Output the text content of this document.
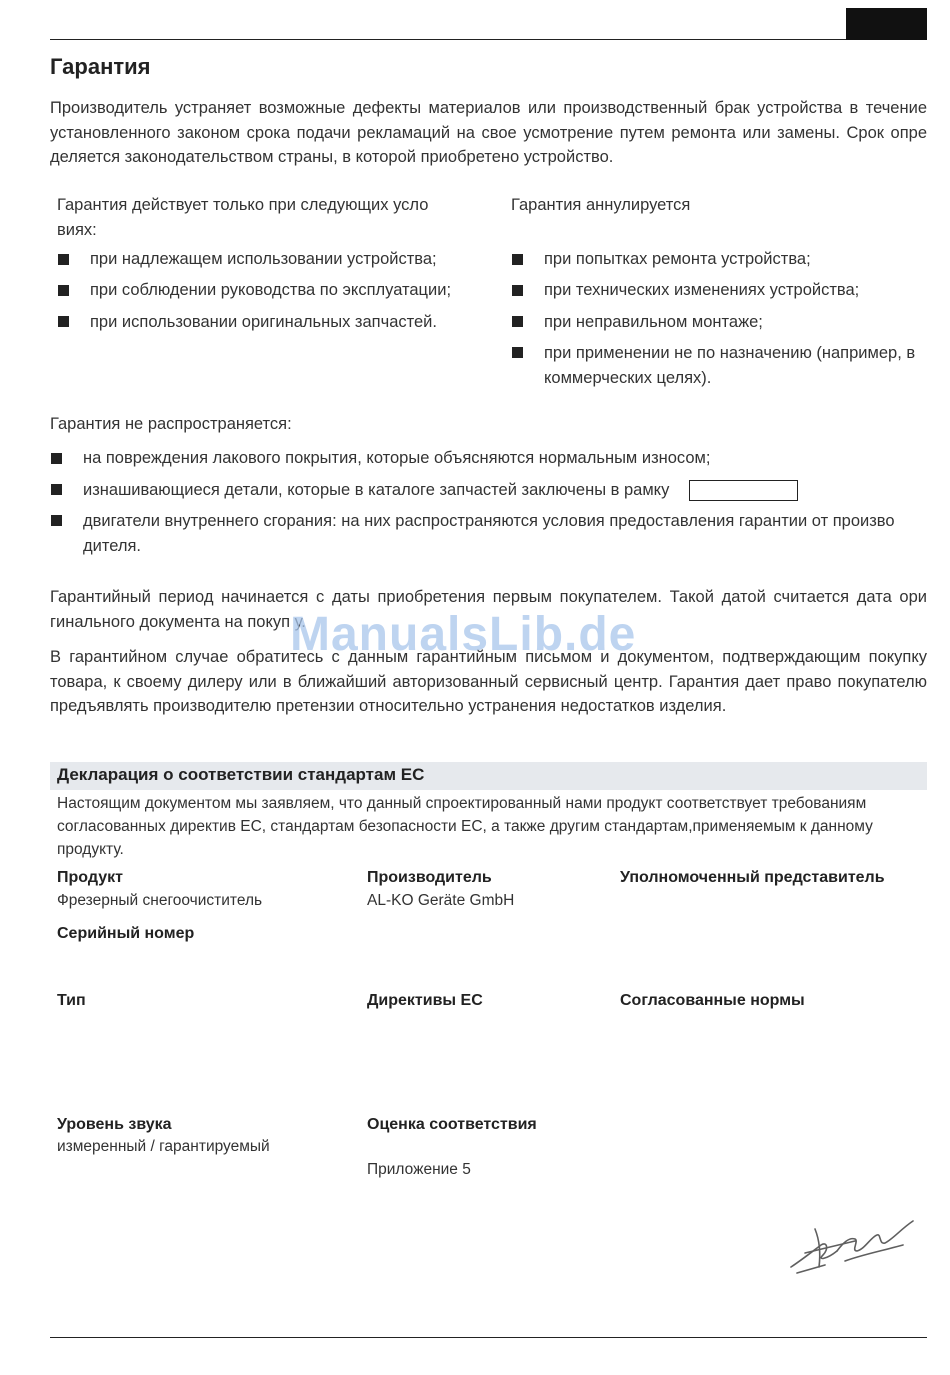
Гарантия
Производитель устраняет возможные дефекты материалов или производственный брак устройства в течение установленного законом срока подачи рекламаций на свое усмотрение путем ремонта или замены. Срок опре деляется законодательством страны, в которой приобретено устройство.
Гарантия действует только при следующих усло виях:
при надлежащем использовании устройства;
при соблюдении руководства по эксплуатации;
при использовании оригинальных запчастей.
Гарантия аннулируется
при попытках ремонта устройства;
при технических изменениях устройства;
при неправильном монтаже;
при применении не по назначению (например, в коммерческих целях).
Гарантия не распространяется:
на повреждения лакового покрытия, которые объясняются нормальным износом;
изнашивающиеся детали, которые в каталоге запчастей заключены в рамку
двигатели внутреннего сгорания: на них распространяются условия предоставления гарантии от произво дителя.
Гарантийный период начинается с даты приобретения первым покупателем. Такой датой считается дата ори гинального документа на покуп у.
В гарантийном случае обратитесь с данным гарантийным письмом и документом, подтверждающим покупку товара, к своему дилеру или в ближайший авторизованный сервисный центр. Гарантия дает право покупателю предъявлять производителю претензии относительно устранения недостатков изделия.
ManualsLib.de
Декларация о соответствии стандартам ЕС
Настоящим документом мы заявляем, что данный спроектированный нами продукт соответствует требованиям согласованных директив ЕС, стандартам безопасности ЕС, а также другим стандартам,применяемым к данному продукту.
Продукт
Фрезерный снегоочиститель
Производитель
AL-KO Geräte GmbH
Уполномоченный представитель
Серийный номер
Тип	Директивы ЕС	Согласованные нормы
Уровень звука
измеренный / гарантируемый
Оценка соответствия
Приложение 5
